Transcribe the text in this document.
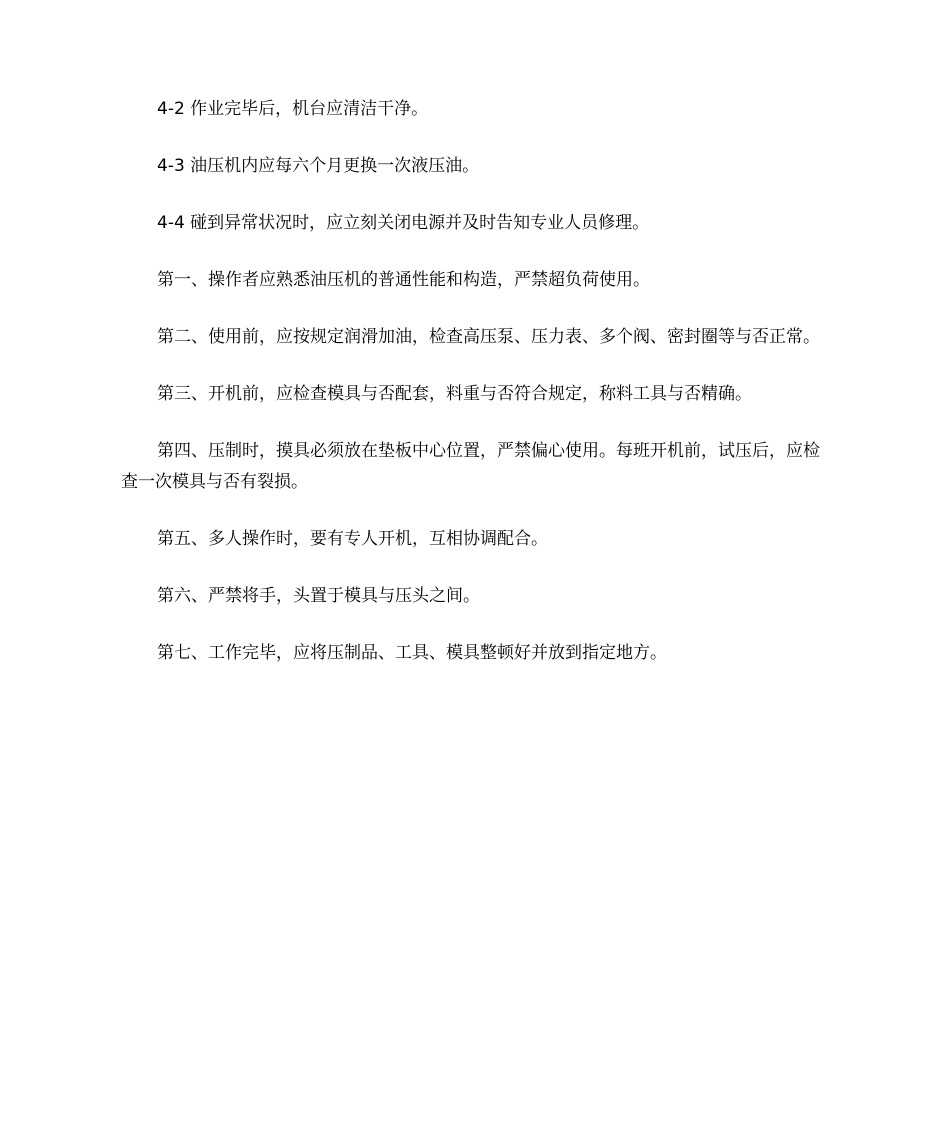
4-2 作业完毕后，机台应清洁干净。

4-3 油压机内应每六个月更换一次液压油。

4-4 碰到异常状况时，应立刻关闭电源并及时告知专业人员修理。

第一、操作者应熟悉油压机的普通性能和构造，严禁超负荷使用。

第二、使用前，应按规定润滑加油，检查高压泵、压力表、多个阀、密封圈等与否正常。

第三、开机前，应检查模具与否配套，料重与否符合规定，称料工具与否精确。

第四、压制时，摸具必须放在垫板中心位置，严禁偏心使用。每班开机前，试压后，应检查一次模具与否有裂损。

第五、多人操作时，要有专人开机，互相协调配合。

第六、严禁将手，头置于模具与压头之间。

第七、工作完毕，应将压制品、工具、模具整顿好并放到指定地方。
